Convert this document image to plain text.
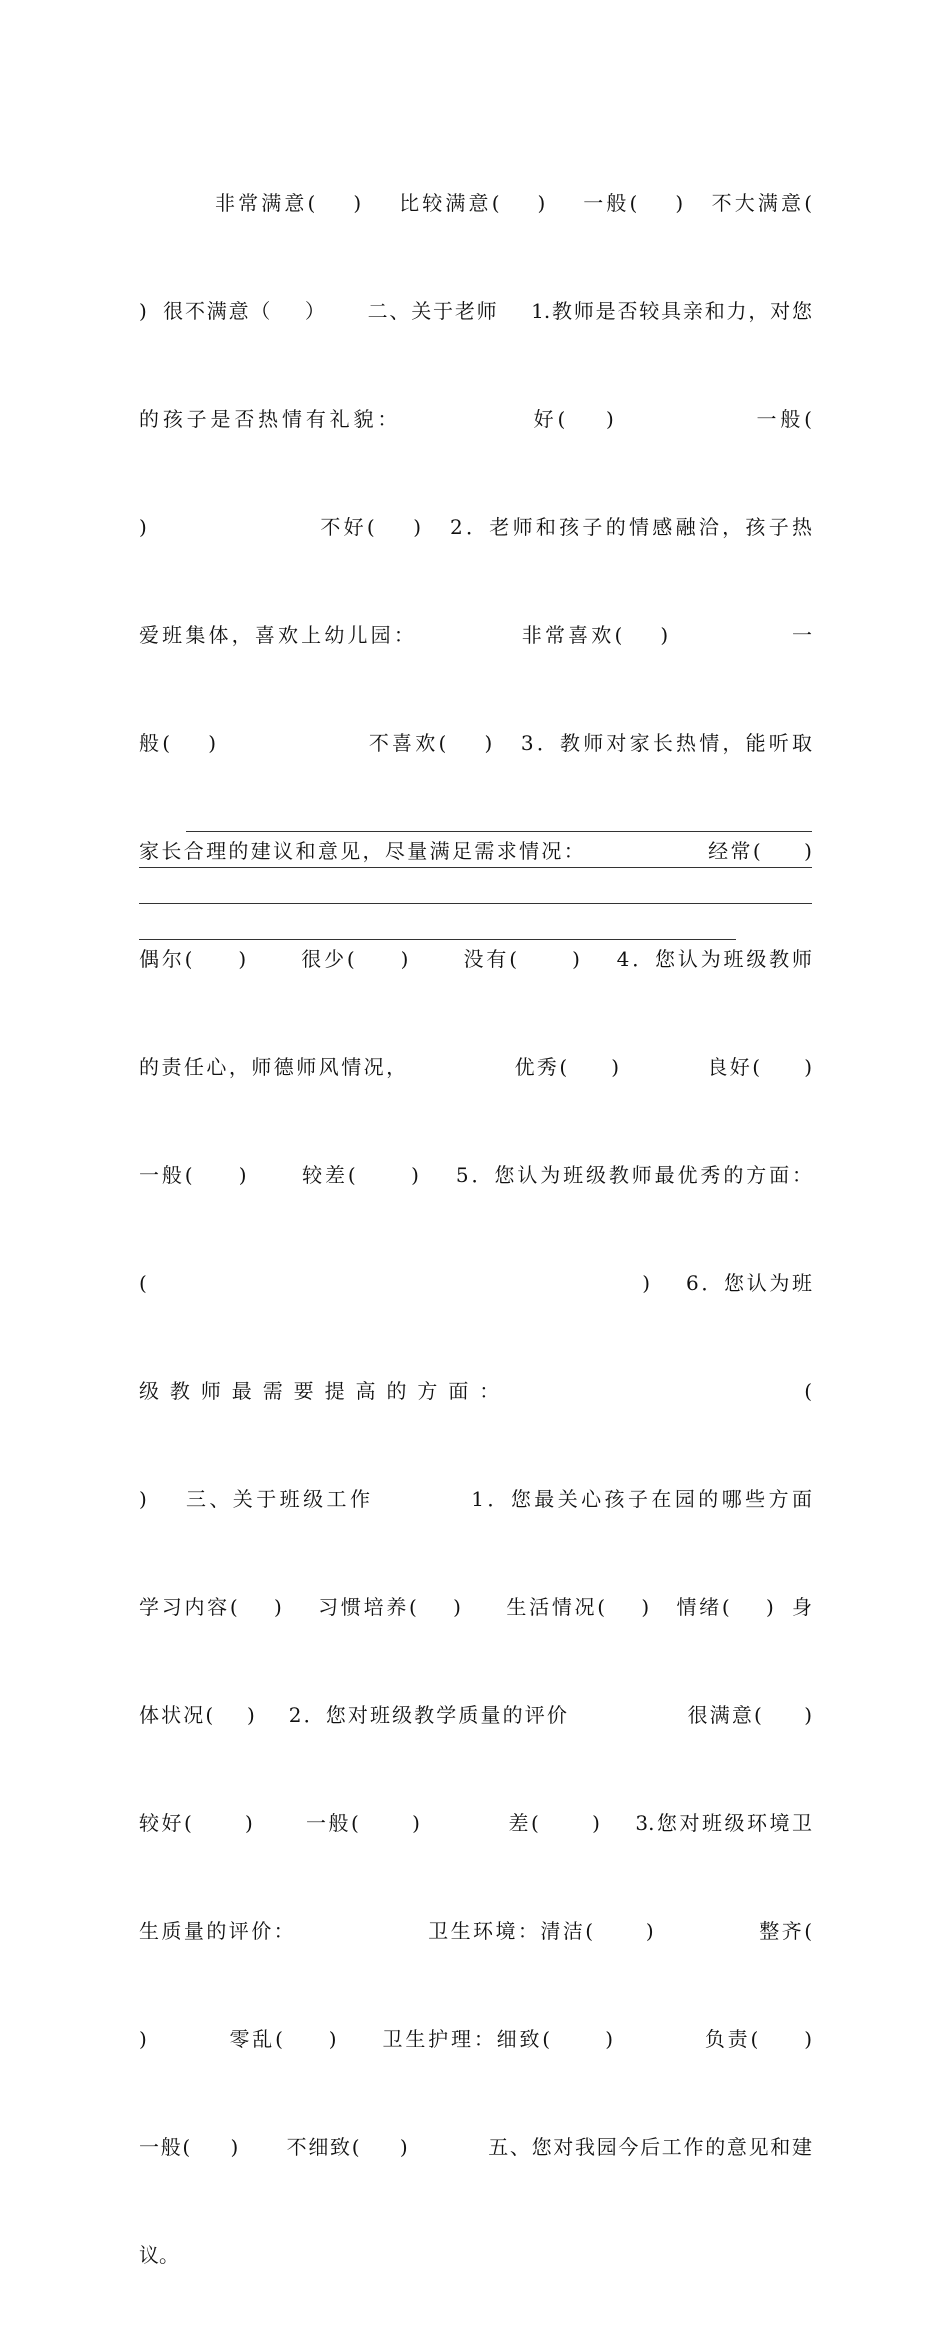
非常满意(    )    比较满意(    )    一般(    )   不大满意(

)  很不满意（    ）     二、关于老师    1.教师是否较具亲和力，对您

的孩子是否热情有礼貌：             好(    )              一般(

)                  不好(    )   2．老师和孩子的情感融洽，孩子热

爱班集体，喜欢上幼儿园：           非常喜欢(    )             一

般(    )                不喜欢(    )   3．教师对家长热情，能听取

家长合理的建议和意见，尽量满足需求情况：              经常(     )

偶尔(     )      很少(     )      没有(      )    4．您认为班级教师

的责任心，师德师风情况，            优秀(     )          良好(     )

一般(     )      较差(      )    5．您认为班级教师最优秀的方面：

(                                                       )    6．您认为班

级 教 师 最 需 要 提 高 的 方 面 ：                                   (

)    三、关于班级工作          1．您最关心孩子在园的哪些方面

学习内容(    )    习惯培养(    )     生活情况(    )   情绪(    )  身

体状况(    )    2．您对班级教学质量的评价              很满意(     )

较好(      )      一般(      )          差(      )    3.您对班级环境卫

生质量的评价：               卫生环境：清洁(      )            整齐(

)         零乱(     )     卫生护理：细致(      )          负责(     )

一般(     )      不细致(     )          五、您对我园今后工作的意见和建

议。
